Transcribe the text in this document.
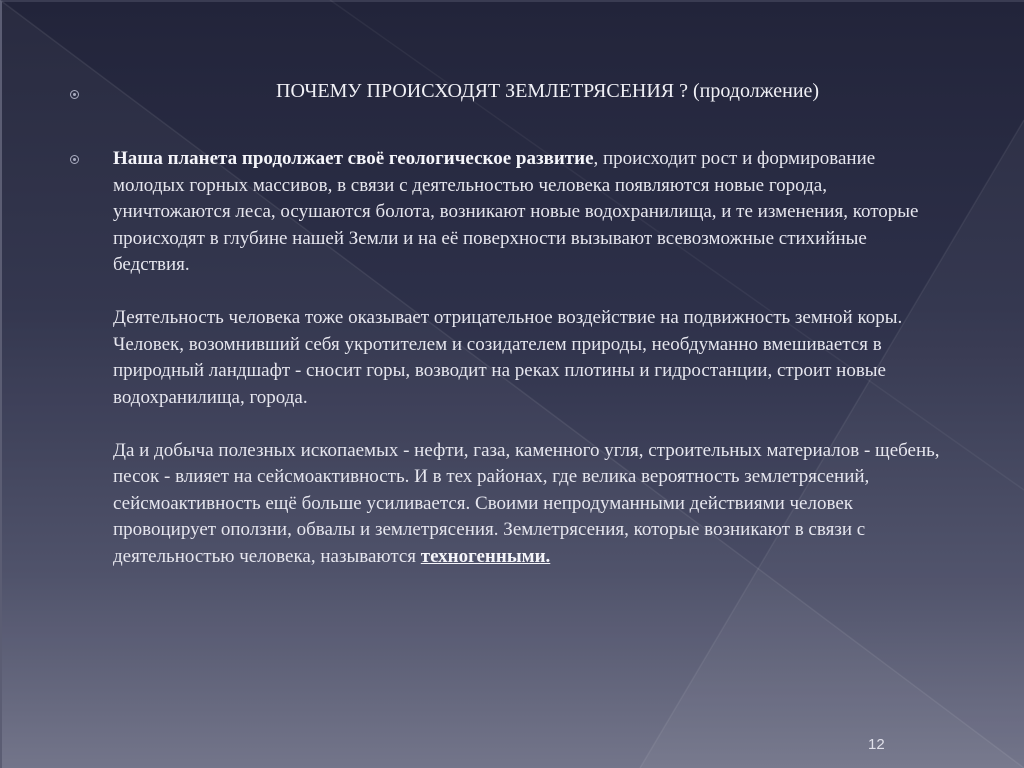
ПОЧЕМУ ПРОИСХОДЯТ ЗЕМЛЕТРЯСЕНИЯ ? (продолжение)

Наша планета продолжает своё геологическое развитие, происходит рост и формирование молодых горных массивов, в связи с деятельностью человека появляются новые города, уничтожаются леса, осушаются болота, возникают новые водохранилища, и те изменения, которые происходят в глубине нашей Земли и на её поверхности вызывают всевозможные стихийные бедствия.

Деятельность человека тоже оказывает отрицательное воздействие на подвижность земной коры. Человек, возомнивший себя укротителем и созидателем природы, необдуманно вмешивается в природный ландшафт - сносит горы, возводит на реках плотины и гидростанции, строит новые водохранилища, города.

Да и добыча полезных ископаемых - нефти, газа, каменного угля, строительных материалов - щебень, песок - влияет на сейсмоактивность. И в тех районах, где велика вероятность землетрясений, сейсмоактивность ещё больше усиливается. Своими непродуманными действиями человек провоцирует оползни, обвалы и землетрясения. Землетрясения, которые возникают в связи с деятельностью человека, называются техногенными.

12
